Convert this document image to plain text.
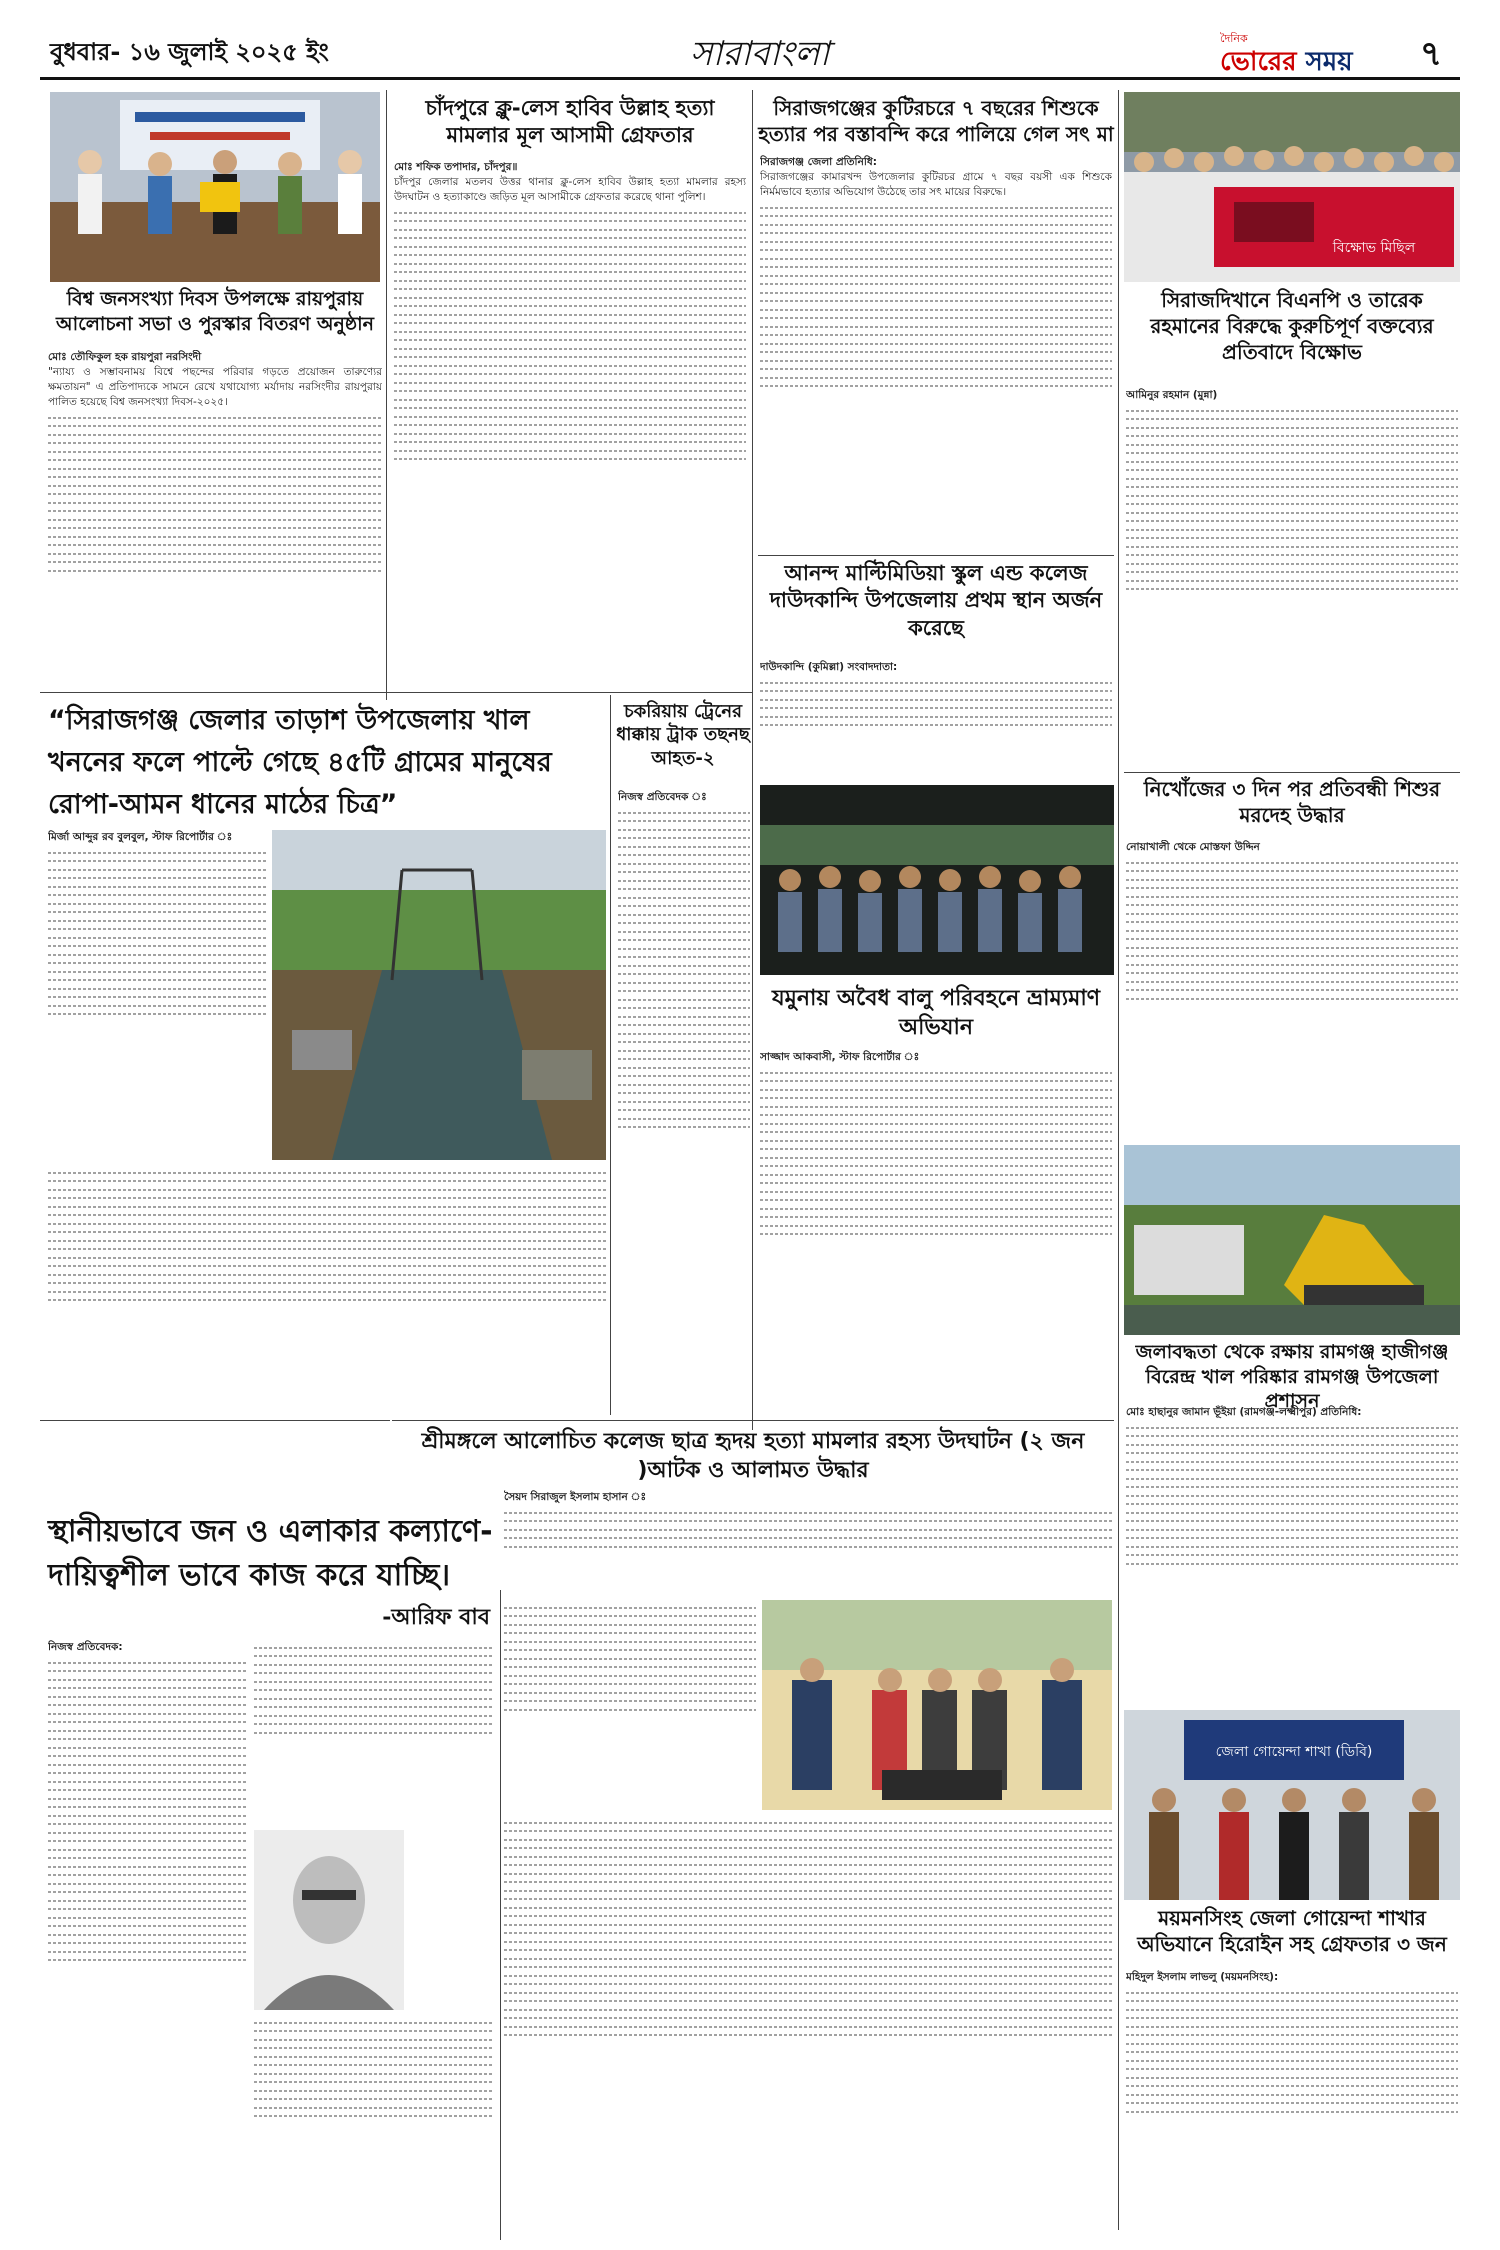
বুধবার- ১৬ জুলাই ২০২৫ ইং	সারাবাংলা	দৈনিক
ভোরের সময়	৭
বিশ্ব জনসংখ্যা দিবস উপলক্ষে রায়পুরায় আলোচনা সভা ও পুরস্কার বিতরণ অনুষ্ঠান
মোঃ তৌফিকুল হক রায়পুরা নরসিংদী
"ন্যায্য ও সম্ভাবনাময় বিশ্বে পছন্দের পরিবার গড়তে প্রয়োজন তারুণ্যের ক্ষমতায়ন" এ প্রতিপাদ্যকে সামনে রেখে যথাযোগ্য মর্যাদায় নরসিংদীর রায়পুরায় পালিত হয়েছে বিশ্ব জনসংখ্যা দিবস-২০২৫।
চাঁদপুরে ক্লু-লেস হাবিব উল্লাহ হত্যা মামলার মূল আসামী গ্রেফতার
মোঃ শফিক তপাদার, চাঁদপুর॥
চাঁদপুর জেলার মতলব উত্তর থানার ক্লু-লেস হাবিব উল্লাহ হত্যা মামলার রহস্য উদঘাটন ও হত্যাকাণ্ডে জড়িত মূল আসামীকে গ্রেফতার করেছে থানা পুলিশ।
সিরাজগঞ্জের কুটিরচরে ৭ বছরের শিশুকে হত্যার পর বস্তাবন্দি করে পালিয়ে গেল সৎ মা
সিরাজগঞ্জ জেলা প্রতিনিধি:
সিরাজগঞ্জের কামারখন্দ উপজেলার কুটিরচর গ্রামে ৭ বছর বয়সী এক শিশুকে নির্মমভাবে হত্যার অভিযোগ উঠেছে তার সৎ মায়ের বিরুদ্ধে।
আনন্দ মাল্টিমিডিয়া স্কুল এন্ড কলেজ দাউদকান্দি উপজেলায় প্রথম স্থান অর্জন করেছে
দাউদকান্দি (কুমিল্লা) সংবাদদাতা:
বিক্ষোভ মিছিল
সিরাজদিখানে বিএনপি ও তারেক রহমানের বিরুদ্ধে কুরুচিপূর্ণ বক্তব্যের প্রতিবাদে বিক্ষোভ
আমিনুর রহমান (মুন্না)
নিখোঁজের ৩ দিন পর প্রতিবন্ধী শিশুর মরদেহ উদ্ধার
নোয়াখালী থেকে মোস্তফা উদ্দিন
“সিরাজগঞ্জ জেলার তাড়াশ উপজেলায় খাল খননের ফলে পাল্টে গেছে ৪৫টি গ্রামের মানুষের রোপা-আমন ধানের মাঠের চিত্র”
মির্জা আব্দুর রব বুলবুল, স্টাফ রিপোর্টার ঃ
চকরিয়ায় ট্রেনের ধাক্কায় ট্রাক তছনছ আহত-২
নিজস্ব প্রতিবেদক ঃ
যমুনায় অবৈধ বালু পরিবহনে ভ্রাম্যমাণ অভিযান
সাজ্জাদ আকবাসী, স্টাফ রিপোর্টার ঃ
জলাবদ্ধতা থেকে রক্ষায় রামগঞ্জ হাজীগঞ্জ বিরেন্দ্র খাল পরিষ্কার রামগঞ্জ উপজেলা প্রশাসন
মোঃ হাছানুর জামান ভূঁইয়া (রামগঞ্জ-লক্ষ্মীপুর) প্রতিনিধি:
শ্রীমঙ্গলে আলোচিত কলেজ ছাত্র হৃদয় হত্যা মামলার রহস্য উদঘাটন (২ জন )আটক ও আলামত উদ্ধার
সৈয়দ সিরাজুল ইসলাম হাসান ঃ
স্থানীয়ভাবে জন ও এলাকার কল্যাণে-দায়িত্বশীল ভাবে কাজ করে যাচ্ছি।
-আরিফ বাব
নিজস্ব প্রতিবেদক:
জেলা গোয়েন্দা শাখা (ডিবি)
ময়মনসিংহ জেলা গোয়েন্দা শাখার অভিযানে হিরোইন সহ গ্রেফতার ৩ জন
মহিদুল ইসলাম লাভলু (ময়মনসিংহ):
